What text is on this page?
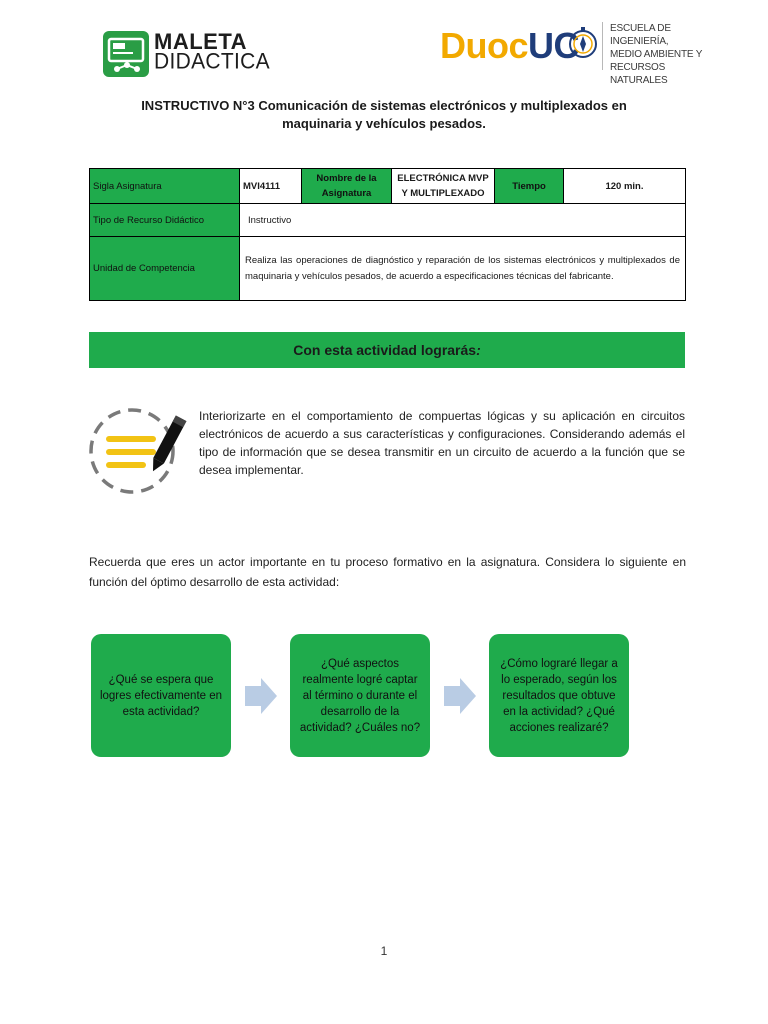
MALETA
DIDACTICA	DuocUC	ESCUELA DE INGENIERÍA,
MEDIO AMBIENTE Y
RECURSOS NATURALES
INSTRUCTIVO N°3 Comunicación de sistemas electrónicos y multiplexados en
maquinaria y vehículos pesados.
Sigla Asignatura	MVI4111	Nombre de la Asignatura	ELECTRÓNICA MVP Y MULTIPLEXADO	Tiempo	120 min.
Tipo de Recurso Didáctico	Instructivo				
Unidad de Competencia	Realiza las operaciones de diagnóstico y reparación de los sistemas electrónicos y multiplexados de maquinaria y vehículos pesados, de acuerdo a especificaciones técnicas del fabricante.				
Con esta actividad lograrás :
Interiorizarte en el comportamiento de compuertas lógicas y su aplicación en circuitos electrónicos de acuerdo a sus características y configuraciones. Considerando además el tipo de información que se desea transmitir en un circuito de acuerdo a la función que se desea implementar.
Recuerda que eres un actor importante en tu proceso formativo en la asignatura. Considera lo siguiente en función del óptimo desarrollo de esta actividad:
¿Qué se espera que logres efectivamente en esta actividad?
¿Qué aspectos realmente logré captar al término o durante el desarrollo de la actividad? ¿Cuáles no?
¿Cómo lograré llegar a lo esperado, según los resultados que obtuve en la actividad? ¿Qué acciones realizaré?
1
